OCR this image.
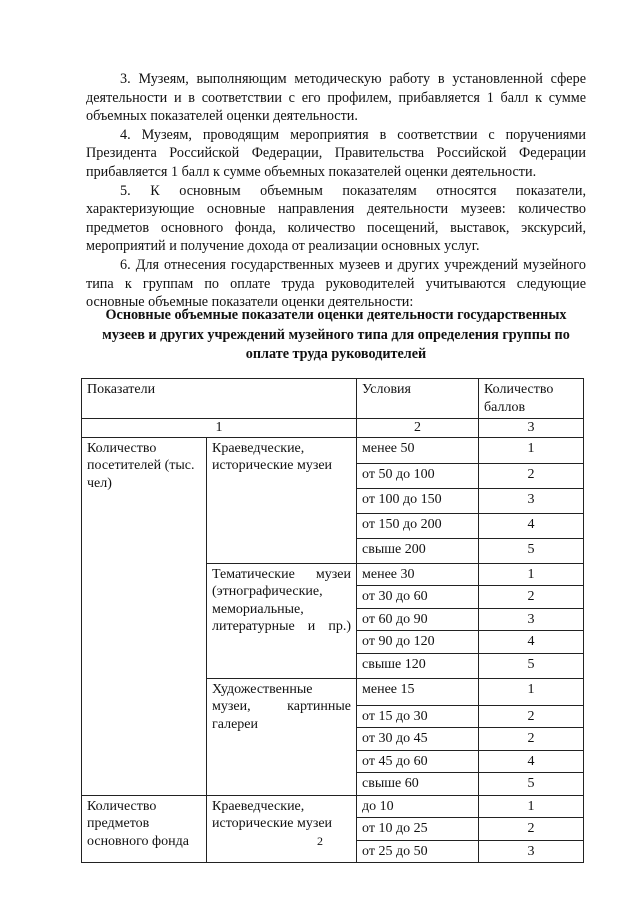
3. Музеям, выполняющим методическую работу в установленной сфере деятельности и в соответствии с его профилем, прибавляется 1 балл к сумме объемных показателей оценки деятельности.

4. Музеям, проводящим мероприятия в соответствии с поручениями Президента Российской Федерации, Правительства Российской Федерации прибавляется 1 балл к сумме объемных показателей оценки деятельности.

5. К основным объемным показателям относятся показатели, характеризующие основные направления деятельности музеев: количество предметов основного фонда, количество посещений, выставок, экскурсий, мероприятий и получение дохода от реализации основных услуг.

6. Для отнесения государственных музеев и других учреждений музейного типа к группам по оплате труда руководителей учитываются следующие основные объемные показатели оценки деятельности:

Основные объемные показатели оценки деятельности государственных музеев и других учреждений музейного типа для определения группы по оплате труда руководителей
Показатели		Условия	Количество баллов
1		2	3
Количество посетителей (тыс. чел)	Краеведческие, исторические музеи	менее 50	1
		от 50 до 100	2
		от 100 до 150	3
		от 150 до 200	4
		свыше 200	5
	Тематические музеи (этнографические, мемориальные, литературные и пр.)	менее 30	1
		от 30 до 60	2
		от 60 до 90	3
		от 90 до 120	4
		свыше 120	5
	Художественные музеи, картинные галереи	менее 15	1
		от 15 до 30	2
		от 30 до 45	2
		от 45 до 60	4
		свыше 60	5
Количество предметов основного фонда	Краеведческие, исторические музеи	до 10	1
		от 10 до 25	2
		от 25 до 50	3
2
